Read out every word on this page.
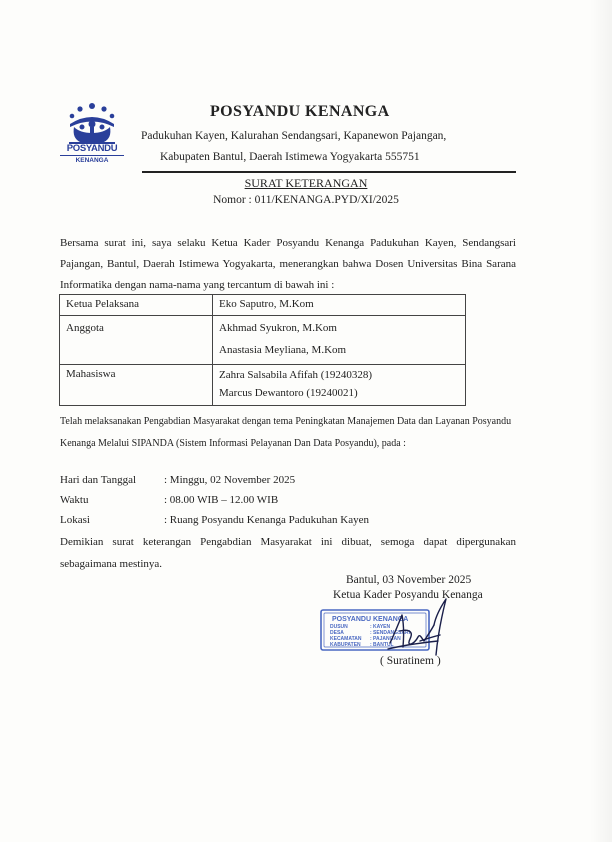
POSYANDU
KENANGA
POSYANDU KENANGA
Padukuhan Kayen, Kalurahan Sendangsari, Kapanewon Pajangan,
Kabupaten Bantul, Daerah Istimewa Yogyakarta 555751
SURAT KETERANGAN
Nomor : 011/KENANGA.PYD/XI/2025
Bersama surat ini, saya selaku Ketua Kader Posyandu Kenanga Padukuhan Kayen, Sendangsari Pajangan, Bantul, Daerah Istimewa Yogyakarta, menerangkan bahwa Dosen Universitas Bina Sarana Informatika dengan nama-nama yang tercantum di bawah ini :
Ketua Pelaksana	Eko Saputro, M.Kom

Anggota	Akhmad Syukron, M.Kom
Anastasia Meyliana, M.Kom

Mahasiswa	Zahra Salsabila Afifah (19240328)
Marcus Dewantoro (19240021)
Telah melaksanakan Pengabdian Masyarakat dengan tema Peningkatan Manajemen Data dan Layanan Posyandu Kenanga Melalui SIPANDA (Sistem Informasi Pelayanan Dan Data Posyandu), pada :
Hari dan Tanggal	: Minggu, 02 November 2025
Waktu	: 08.00 WIB – 12.00 WIB
Lokasi	: Ruang Posyandu Kenanga Padukuhan Kayen
Demikian surat keterangan Pengabdian Masyarakat ini dibuat, semoga dapat dipergunakan sebagaimana mestinya.
Bantul, 03 November 2025
Ketua Kader Posyandu Kenanga
POSYANDU KENANGA
DUSUN	: KAYEN
DESA	: SENDANGSARI
KECAMATAN : PAJANGAN
KABUPATEN : BANTUL
( Suratinem )
